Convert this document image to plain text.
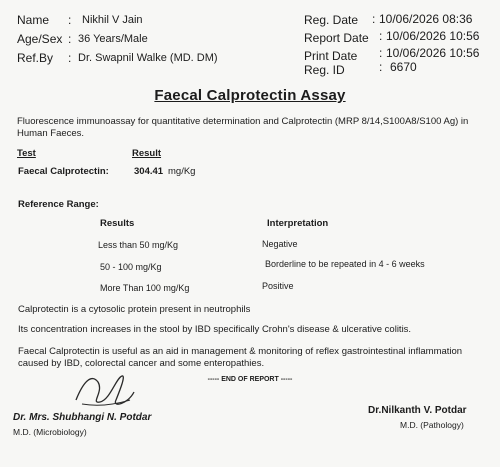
Name : Nikhil V Jain
Age/Sex : 36 Years/Male
Ref.By : Dr. Swapnil Walke (MD. DM)
Reg. Date : 10/06/2026 08:36
Report Date : 10/06/2026 10:56
Print Date : 10/06/2026 10:56
Reg. ID	: 6670
Faecal Calprotectin Assay
Fluorescence immunoassay for quantitative determination and Calprotectin (MRP 8/14,S100A8/S100 Ag) in Human Faeces.
Test	Result
Faecal Calprotectin:	304.41 mg/Kg
Reference Range:
Results	Interpretation
Less than 50 mg/Kg	Negative
50 - 100 mg/Kg	Borderline to be repeated in 4 - 6 weeks
More Than 100 mg/Kg	Positive
Calprotectin is a cytosolic protein present in neutrophils
Its concentration increases in the stool by IBD specifically Crohn's disease & ulcerative colitis.
Faecal Calprotectin is useful as an aid in management & monitoring of reflex gastrointestinal inflammation caused by IBD, colorectal cancer and some enteropathies.
----- END OF REPORT -----
Dr. Mrs. Shubhangi N. Potdar
M.D. (Microbiology)
Dr.Nilkanth V. Potdar
M.D. (Pathology)
